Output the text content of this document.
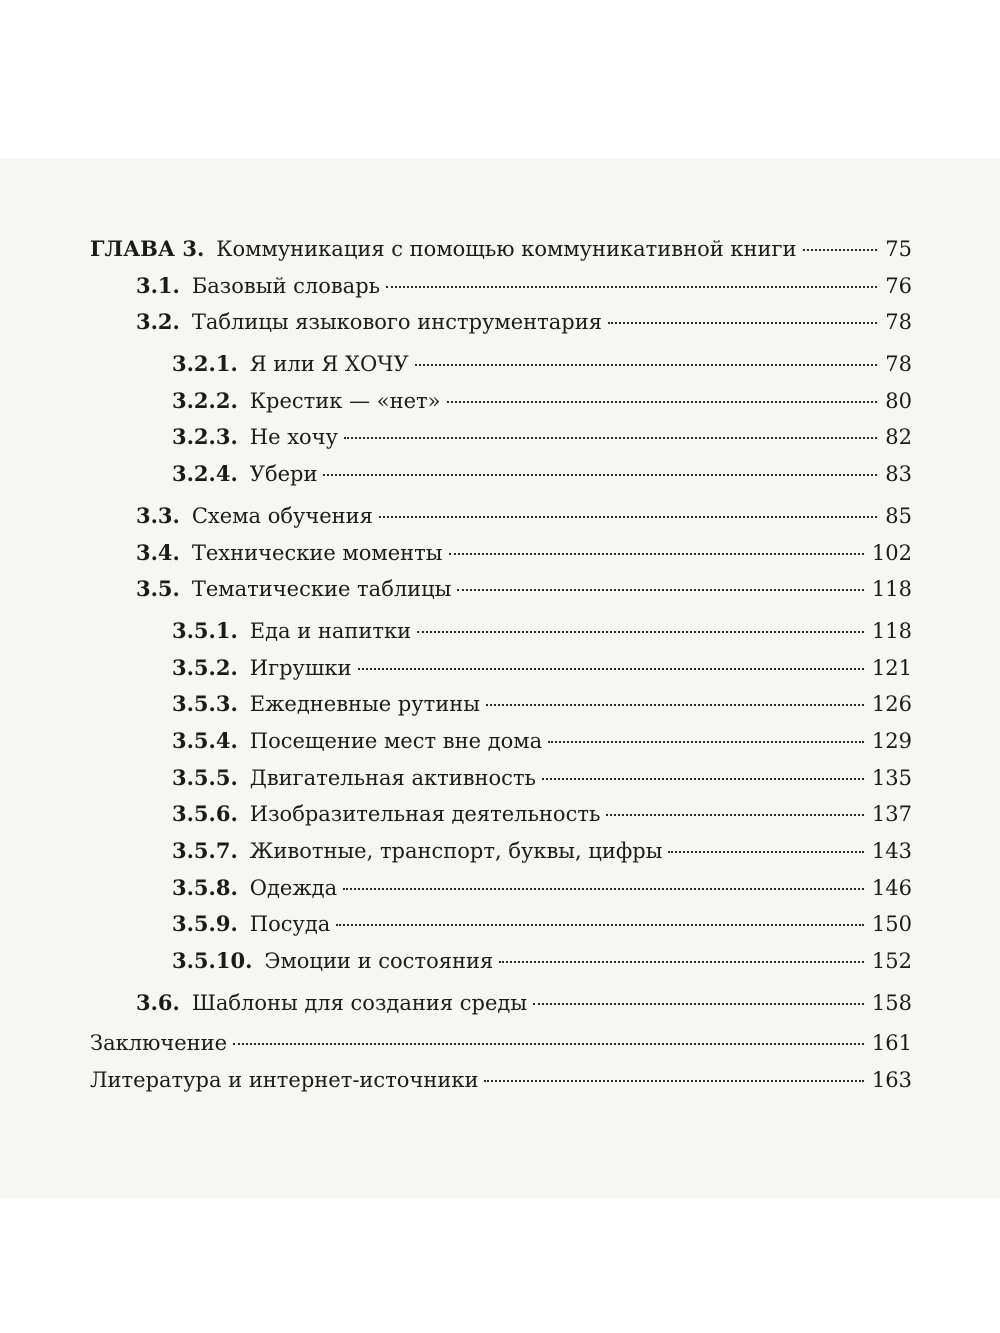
ГЛАВА 3. Коммуникация с помощью коммуникативной книги	75
3.1. Базовый словарь	76
3.2. Таблицы языкового инструментария	78
3.2.1. Я или Я ХОЧУ	78
3.2.2. Крестик — «нет»	80
3.2.3. Не хочу	82
3.2.4. Убери	83
3.3. Схема обучения	85
3.4. Технические моменты	102
3.5. Тематические таблицы	118
3.5.1. Еда и напитки	118
3.5.2. Игрушки	121
3.5.3. Ежедневные рутины	126
3.5.4. Посещение мест вне дома	129
3.5.5. Двигательная активность	135
3.5.6. Изобразительная деятельность	137
3.5.7. Животные, транспорт, буквы, цифры	143
3.5.8. Одежда	146
3.5.9. Посуда	150
3.5.10. Эмоции и состояния	152
3.6. Шаблоны для создания среды	158
Заключение	161
Литература и интернет-источники	163
